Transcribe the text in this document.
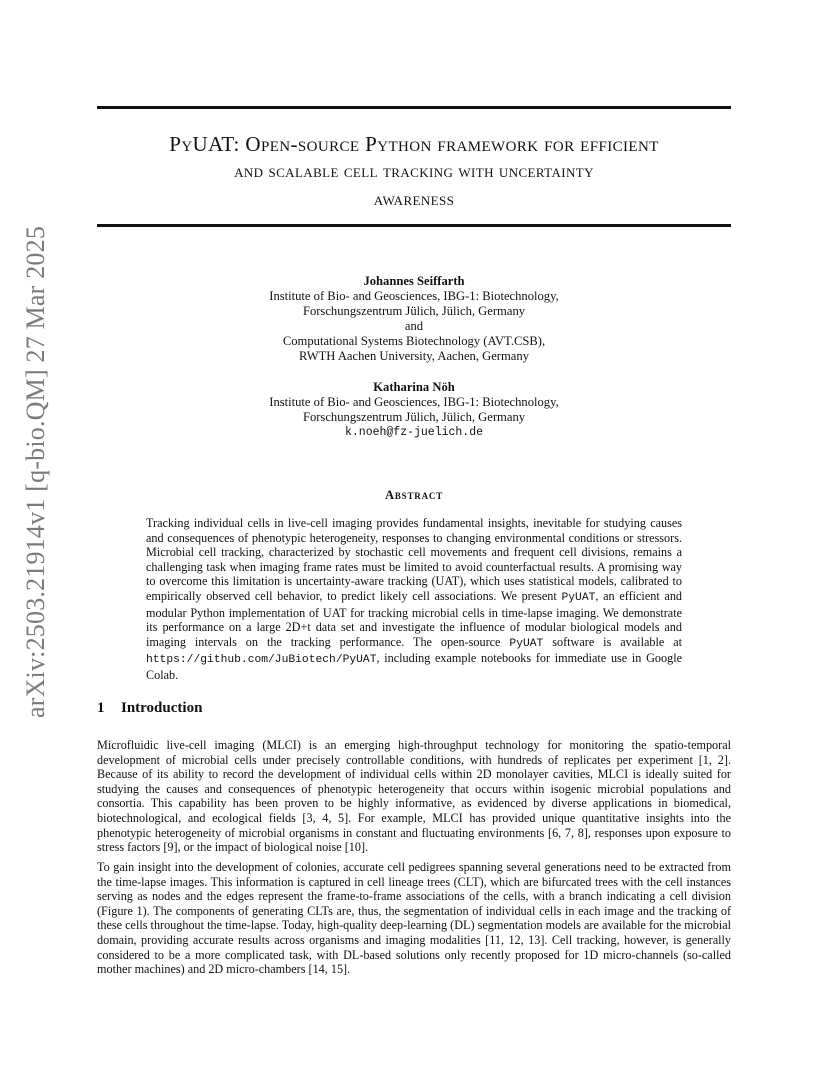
arXiv:2503.21914v1 [q-bio.QM] 27 Mar 2025
PyUAT: Open-source Python framework for efficient
and scalable cell tracking with uncertainty
awareness
Johannes Seiffarth
Institute of Bio- and Geosciences, IBG-1: Biotechnology,
Forschungszentrum Jülich, Jülich, Germany
and
Computational Systems Biotechnology (AVT.CSB),
RWTH Aachen University, Aachen, Germany
Katharina Nöh
Institute of Bio- and Geosciences, IBG-1: Biotechnology,
Forschungszentrum Jülich, Jülich, Germany
k.noeh@fz-juelich.de
Abstract
Tracking individual cells in live-cell imaging provides fundamental insights, inevitable for studying causes and consequences of phenotypic heterogeneity, responses to changing environmental conditions or stressors. Microbial cell tracking, characterized by stochastic cell movements and frequent cell divisions, remains a challenging task when imaging frame rates must be limited to avoid counterfactual results. A promising way to overcome this limitation is uncertainty-aware tracking (UAT), which uses statistical models, calibrated to empirically observed cell behavior, to predict likely cell associations. We present PyUAT, an efficient and modular Python implementation of UAT for tracking microbial cells in time-lapse imaging. We demonstrate its performance on a large 2D+t data set and investigate the influence of modular biological models and imaging intervals on the tracking performance. The open-source PyUAT software is available at https://github.com/JuBiotech/PyUAT, including example notebooks for immediate use in Google Colab.
1 Introduction

Microfluidic live-cell imaging (MLCI) is an emerging high-throughput technology for monitoring the spatio-temporal development of microbial cells under precisely controllable conditions, with hundreds of replicates per experiment [1, 2]. Because of its ability to record the development of individual cells within 2D monolayer cavities, MLCI is ideally suited for studying the causes and consequences of phenotypic heterogeneity that occurs within isogenic microbial populations and consortia. This capability has been proven to be highly informative, as evidenced by diverse applications in biomedical, biotechnological, and ecological fields [3, 4, 5]. For example, MLCI has provided unique quantitative insights into the phenotypic heterogeneity of microbial organisms in constant and fluctuating environments [6, 7, 8], responses upon exposure to stress factors [9], or the impact of biological noise [10].

To gain insight into the development of colonies, accurate cell pedigrees spanning several generations need to be extracted from the time-lapse images. This information is captured in cell lineage trees (CLT), which are bifurcated trees with the cell instances serving as nodes and the edges represent the frame-to-frame associations of the cells, with a branch indicating a cell division (Figure 1). The components of generating CLTs are, thus, the segmentation of individual cells in each image and the tracking of these cells throughout the time-lapse. Today, high-quality deep-learning (DL) segmentation models are available for the microbial domain, providing accurate results across organisms and imaging modalities [11, 12, 13]. Cell tracking, however, is generally considered to be a more complicated task, with DL-based solutions only recently proposed for 1D micro-channels (so-called mother machines) and 2D micro-chambers [14, 15].
